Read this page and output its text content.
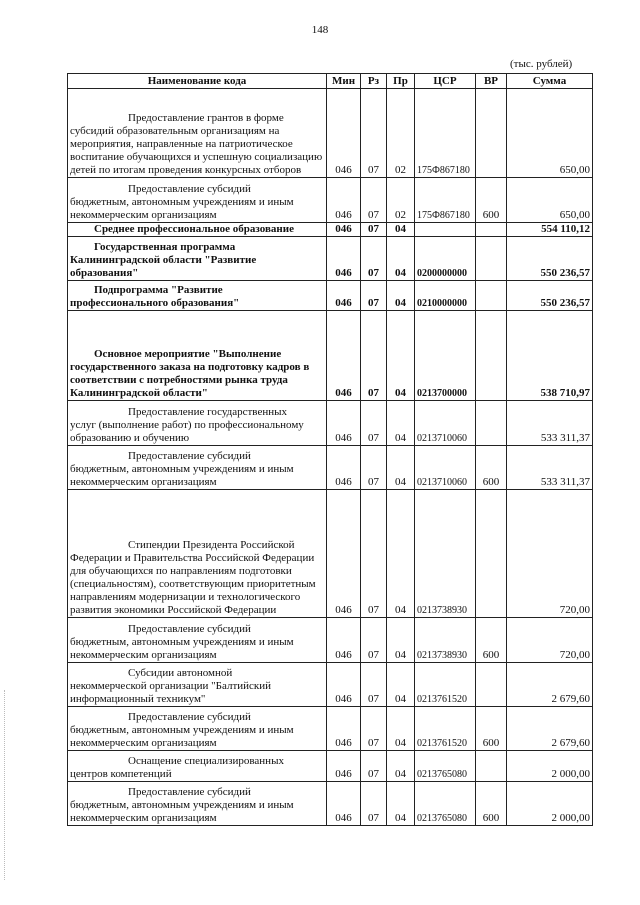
148
(тыс. рублей)
Наименование кода	Мин	Рз	Пр	ЦСР	ВР	Сумма

Предоставление грантов в форме
субсидий образовательным организациям на мероприятия, направленные на патриотическое воспитание обучающихся и успешную социализацию детей по итогам проведения конкурсных отборов	046	07	02	175Ф867180		650,00

Предоставление субсидий
бюджетным, автономным учреждениям и иным некоммерческим организациям	046	07	02	175Ф867180	600	650,00

Среднее профессиональное образование	046	07	04			554 110,12

Государственная программа
Калининградской области "Развитие образования"	046	07	04	0200000000		550 236,57

Подпрограмма "Развитие
профессионального образования"	046	07	04	0210000000		550 236,57

Основное мероприятие "Выполнение
государственного заказа на подготовку кадров в соответствии с потребностями рынка труда Калининградской области"	046	07	04	0213700000		538 710,97

Предоставление государственных
услуг (выполнение работ) по профессиональному образованию и обучению	046	07	04	0213710060		533 311,37

Предоставление субсидий
бюджетным, автономным учреждениям и иным некоммерческим организациям	046	07	04	0213710060	600	533 311,37

Стипендии Президента Российской
Федерации и Правительства Российской Федерации для обучающихся по направлениям подготовки (специальностям), соответствующим приоритетным направлениям модернизации и технологического развития экономики Российской Федерации	046	07	04	0213738930		720,00

Предоставление субсидий
бюджетным, автономным учреждениям и иным некоммерческим организациям	046	07	04	0213738930	600	720,00

Субсидии автономной
некоммерческой организации "Балтийский информационный техникум"	046	07	04	0213761520		2 679,60

Предоставление субсидий
бюджетным, автономным учреждениям и иным некоммерческим организациям	046	07	04	0213761520	600	2 679,60

Оснащение специализированных
центров компетенций	046	07	04	0213765080		2 000,00

Предоставление субсидий
бюджетным, автономным учреждениям и иным некоммерческим организациям	046	07	04	0213765080	600	2 000,00
